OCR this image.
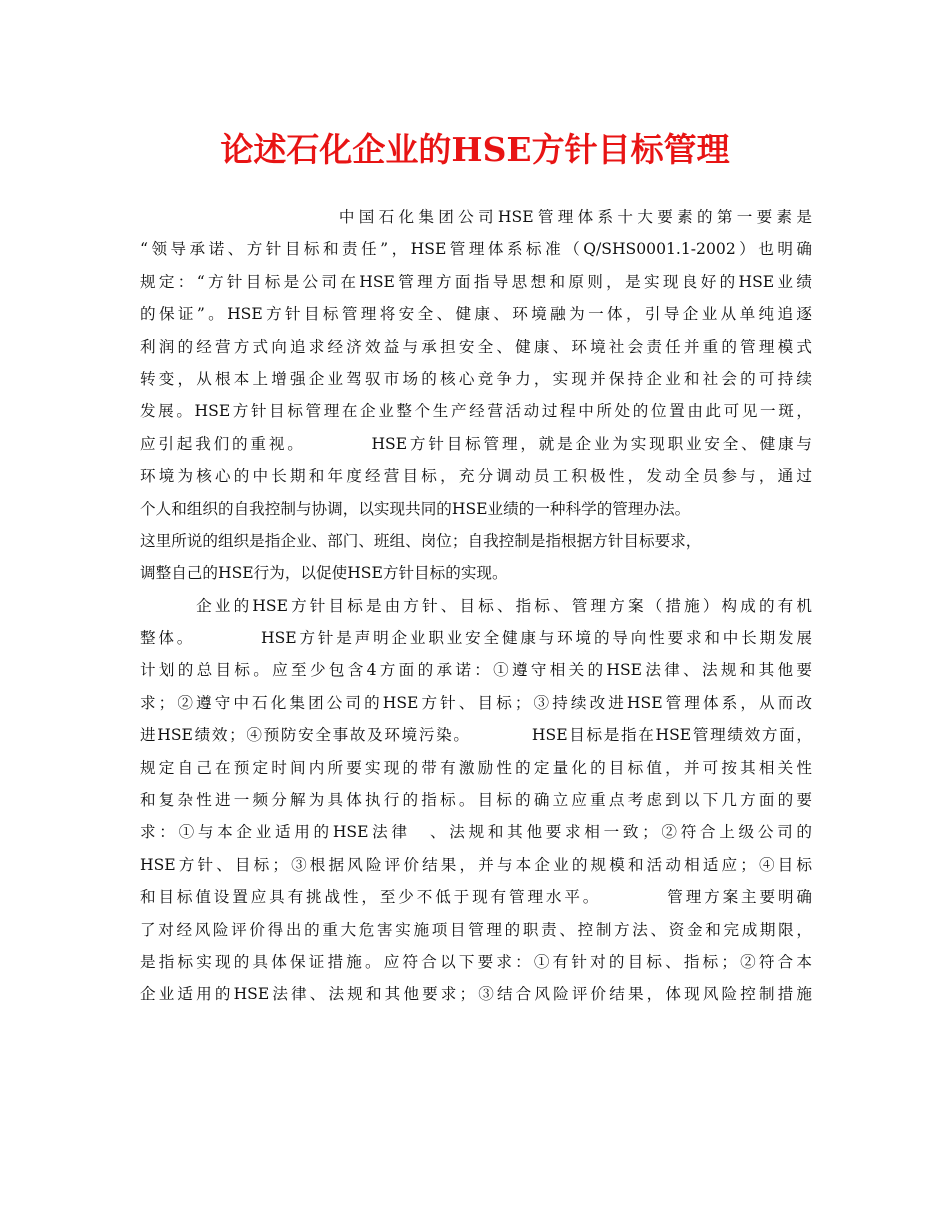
论述石化企业的HSE方针目标管理
　　　　　　　　　　中国石化集团公司HSE管理体系十大要素的第一要素是
“领导承诺、方针目标和责任”，HSE管理体系标准（Q/SHS0001.1-2002）也明确
规定：“方针目标是公司在HSE管理方面指导思想和原则，是实现良好的HSE业绩
的保证”。HSE方针目标管理将安全、健康、环境融为一体，引导企业从单纯追逐
利润的经营方式向追求经济效益与承担安全、健康、环境社会责任并重的管理模式
转变，从根本上增强企业驾驭市场的核心竞争力，实现并保持企业和社会的可持续
发展。HSE方针目标管理在企业整个生产经营活动过程中所处的位置由此可见一斑，
应引起我们的重视。　　　　HSE方针目标管理，就是企业为实现职业安全、健康与
环境为核心的中长期和年度经营目标，充分调动员工积极性，发动全员参与，通过
个人和组织的自我控制与协调，以实现共同的HSE业绩的一种科学的管理办法。
这里所说的组织是指企业、部门、班组、岗位；自我控制是指根据方针目标要求，
调整自己的HSE行为，以促使HSE方针目标的实现。
　　　企业的HSE方针目标是由方针、目标、指标、管理方案（措施）构成的有机
整体。　　　　HSE方针是声明企业职业安全健康与环境的导向性要求和中长期发展
计划的总目标。应至少包含4方面的承诺：①遵守相关的HSE法律、法规和其他要
求；②遵守中石化集团公司的HSE方针、目标；③持续改进HSE管理体系，从而改
进HSE绩效；④预防安全事故及环境污染。　　　　HSE目标是指在HSE管理绩效方面，
规定自己在预定时间内所要实现的带有激励性的定量化的目标值，并可按其相关性
和复杂性进一频分解为具体执行的指标。目标的确立应重点考虑到以下几方面的要
求：①与本企业适用的HSE法律　、法规和其他要求相一致；②符合上级公司的
HSE方针、目标；③根据风险评价结果，并与本企业的规模和活动相适应；④目标
和目标值设置应具有挑战性，至少不低于现有管理水平。　　　　管理方案主要明确
了对经风险评价得出的重大危害实施项目管理的职责、控制方法、资金和完成期限，
是指标实现的具体保证措施。应符合以下要求：①有针对的目标、指标；②符合本
企业适用的HSE法律、法规和其他要求；③结合风险评价结果，体现风险控制措施
